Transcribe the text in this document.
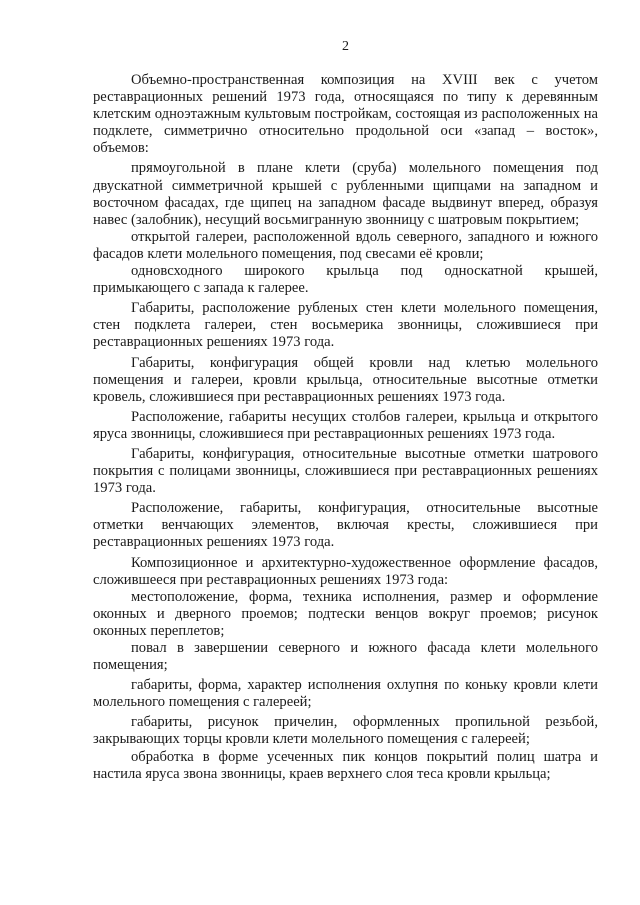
2

Объемно-пространственная композиция на XVIII век с учетом реставрационных решений 1973 года, относящаяся по типу к деревянным клетским одноэтажным культовым постройкам, состоящая из расположенных на подклете, симметрично относительно продольной оси «запад – восток», объемов:

прямоугольной в плане клети (сруба) молельного помещения под двускатной симметричной крышей с рубленными щипцами на западном и восточном фасадах, где щипец на западном фасаде выдвинут вперед, образуя навес (залобник), несущий восьмигранную звонницу с шатровым покрытием;

открытой галереи, расположенной вдоль северного, западного и южного фасадов клети молельного помещения, под свесами её кровли;

одновсходного широкого крыльца под односкатной крышей, примыкающего с запада к галерее.

Габариты, расположение рубленых стен клети молельного помещения, стен подклета галереи, стен восьмерика звонницы, сложившиеся при реставрационных решениях 1973 года.

Габариты, конфигурация общей кровли над клетью молельного помещения и галереи, кровли крыльца, относительные высотные отметки кровель, сложившиеся при реставрационных решениях 1973 года.

Расположение, габариты несущих столбов галереи, крыльца и открытого яруса звонницы, сложившиеся при реставрационных решениях 1973 года.

Габариты, конфигурация, относительные высотные отметки шатрового покрытия с полицами звонницы, сложившиеся при реставрационных решениях 1973 года.

Расположение, габариты, конфигурация, относительные высотные отметки венчающих элементов, включая кресты, сложившиеся при реставрационных решениях 1973 года.

Композиционное и архитектурно-художественное оформление фасадов, сложившееся при реставрационных решениях 1973 года:

местоположение, форма, техника исполнения, размер и оформление оконных и дверного проемов; подтески венцов вокруг проемов; рисунок оконных переплетов;

повал в завершении северного и южного фасада клети молельного помещения;

габариты, форма, характер исполнения охлупня по коньку кровли клети молельного помещения с галереей;

габариты, рисунок причелин, оформленных пропильной резьбой, закрывающих торцы кровли клети молельного помещения с галереей;

обработка в форме усеченных пик концов покрытий полиц шатра и настила яруса звона звонницы, краев верхнего слоя теса кровли крыльца;
